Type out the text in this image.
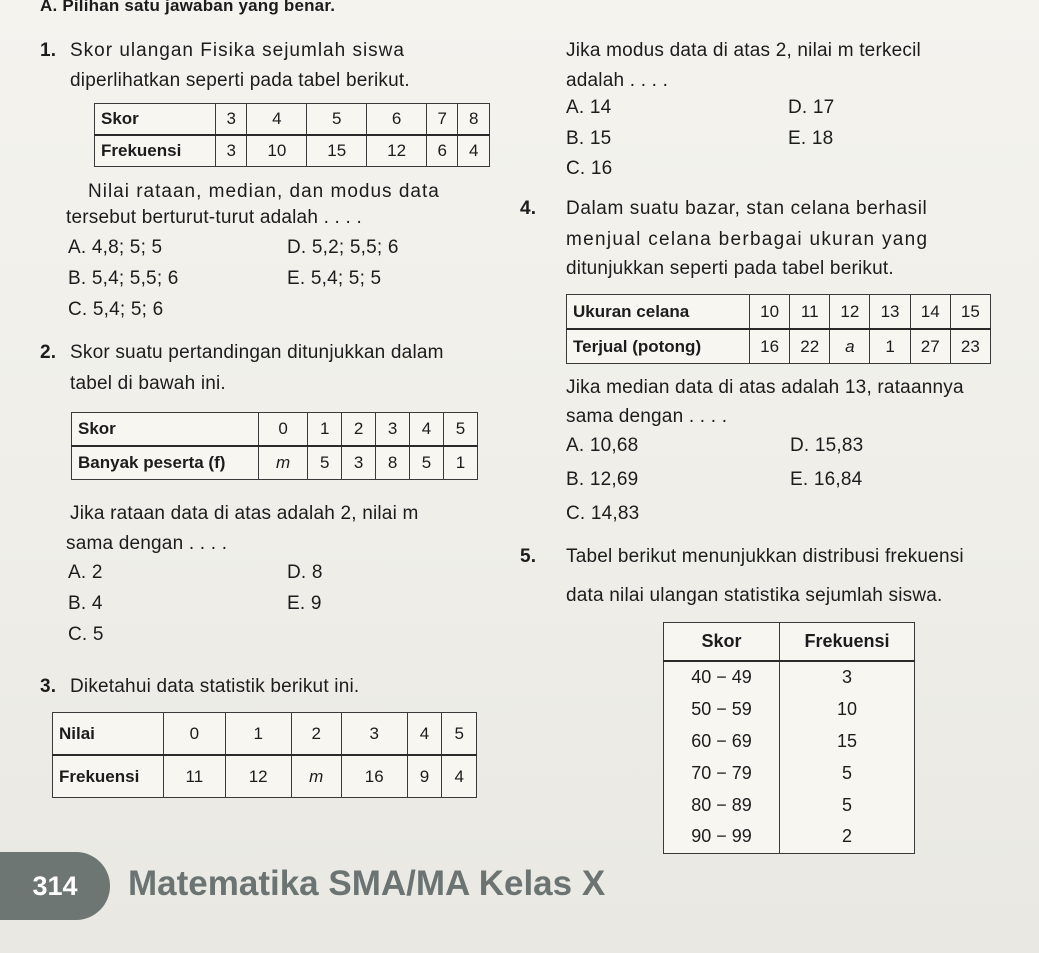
A. Pilihan satu jawaban yang benar.
1. Skor ulangan Fisika sejumlah siswa
diperlihatkan seperti pada tabel berikut.
Skor	3	4	5	6	7	8
Frekuensi	3	10	15	12	6	4
Nilai rataan, median, dan modus data
tersebut berturut-turut adalah . . . .
A. 4,8; 5; 5
B. 5,4; 5,5; 6
C. 5,4; 5; 6
D. 5,2; 5,5; 6
E. 5,4; 5; 5
2. Skor suatu pertandingan ditunjukkan dalam
tabel di bawah ini.
Skor	0	1	2	3	4	5
Banyak peserta (f)	m	5	3	8	5	1
Jika rataan data di atas adalah 2, nilai m
sama dengan . . . .
A. 2
B. 4
C. 5
D. 8
E. 9
3. Diketahui data statistik berikut ini.
Nilai	0	1	2	3	4	5
Frekuensi	11	12	m	16	9	4
Jika modus data di atas 2, nilai m terkecil
adalah . . . .
A. 14
B. 15
C. 16
D. 17
E. 18
4. Dalam suatu bazar, stan celana berhasil
menjual celana berbagai ukuran yang
ditunjukkan seperti pada tabel berikut.
Ukuran celana	10	11	12	13	14	15
Terjual (potong)	16	22	a	1	27	23
Jika median data di atas adalah 13, rataannya
sama dengan . . . .
A. 10,68
B. 12,69
C. 14,83
D. 15,83
E. 16,84
5. Tabel berikut menunjukkan distribusi frekuensi
data nilai ulangan statistika sejumlah siswa.
Skor	Frekuensi
40 − 49	3
50 − 59	10
60 − 69	15
70 − 79	5
80 − 89	5
90 − 99	2
314 Matematika SMA/MA Kelas X
